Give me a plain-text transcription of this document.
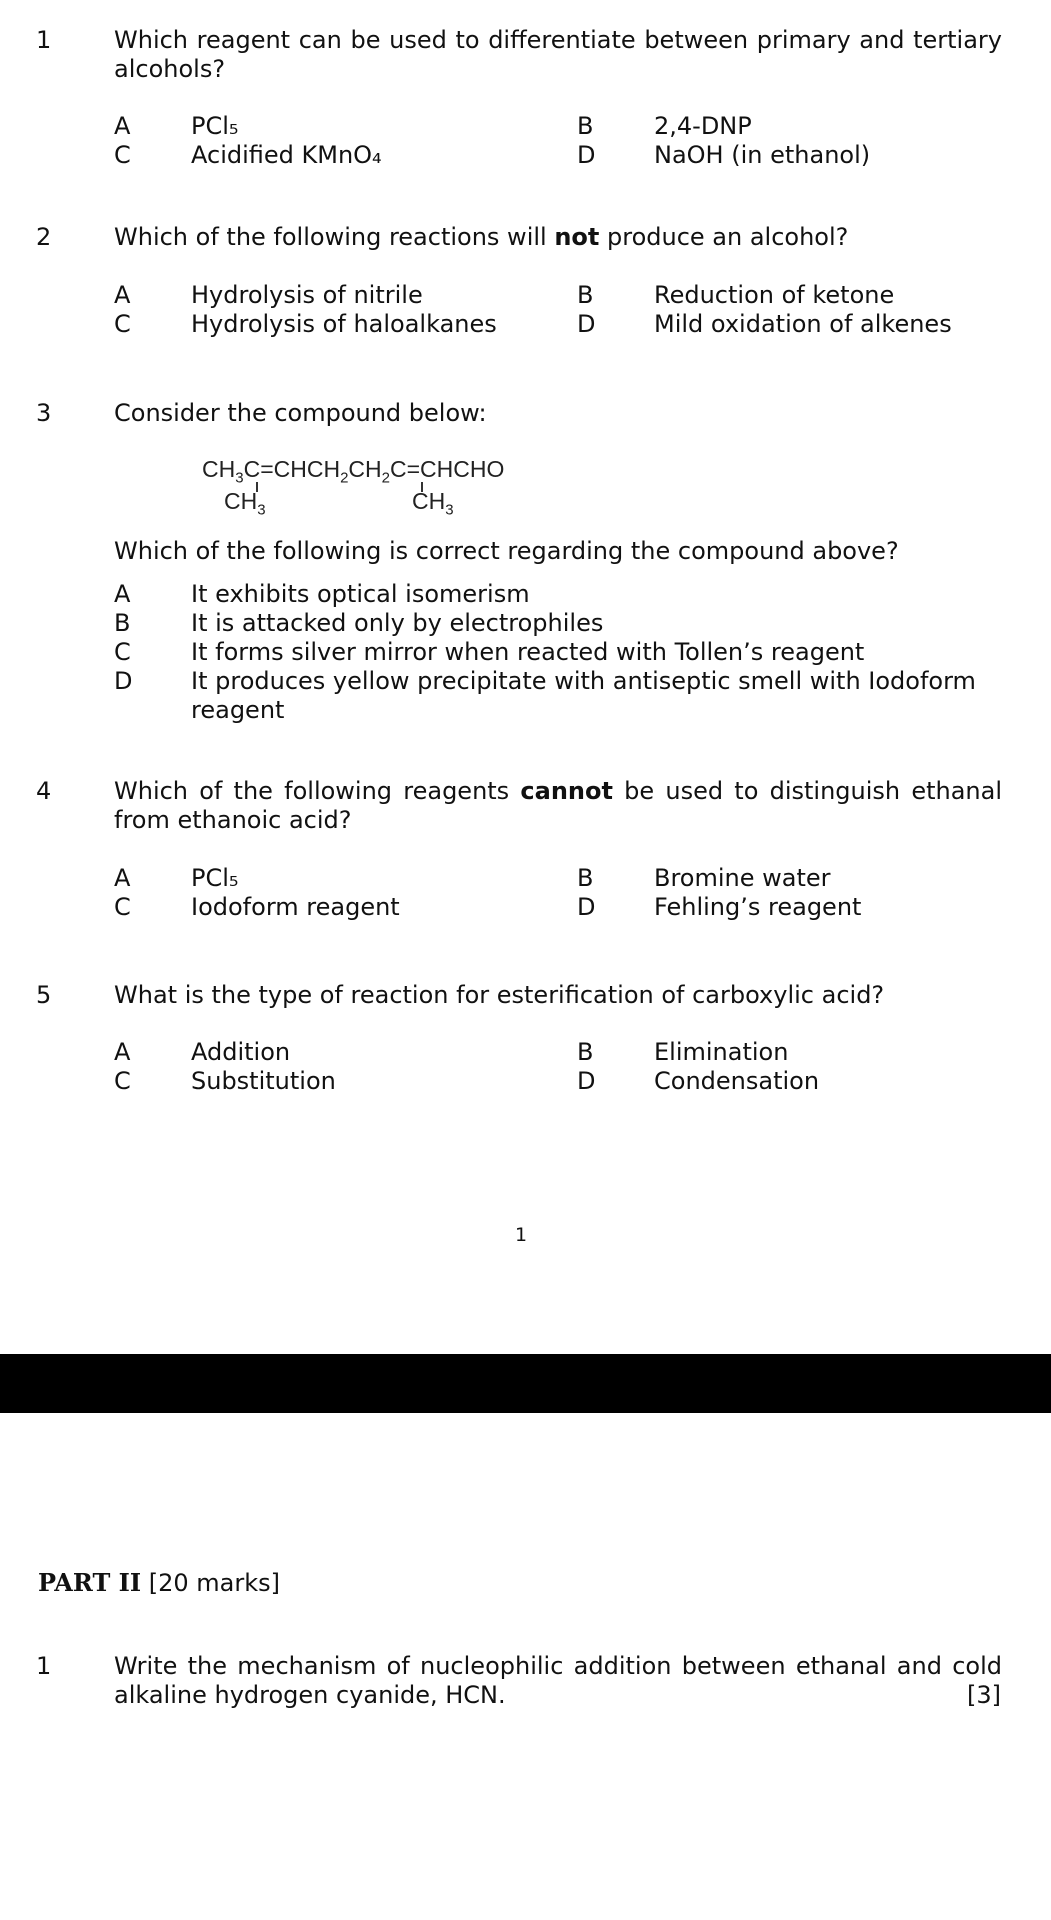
1	Which reagent can be used to differentiate between primary and tertiary alcohols?
A	PCl₅	B	2,4-DNP
C	Acidified KMnO₄	D NaOH (in ethanol)
2	Which of the following reactions will not produce an alcohol?
A	Hydrolysis of nitrile	B	Reduction of ketone
C	Hydrolysis of haloalkanes	D Mild oxidation of alkenes
3	Consider the compound below:
$CH_3C=CHCH_2CH_2C=CHCHO$
$CH_3$	$CH_3$
Which of the following is correct regarding the compound above?
A	It exhibits optical isomerism
B	It is attacked only by electrophiles
C	It forms silver mirror when reacted with Tollen’s reagent
D It produces yellow precipitate with antiseptic smell with Iodoform reagent
4	Which of the following reagents cannot be used to distinguish ethanal from ethanoic acid?
A	PCl₅	B	Bromine water
C	Iodoform reagent	D Fehling’s reagent
5	What is the type of reaction for esterification of carboxylic acid?
A	Addition	B	Elimination
C	Substitution	D Condensation
1
PART II [20 marks]
1	Write the mechanism of nucleophilic addition between ethanal and cold alkaline hydrogen cyanide, HCN.	[3]
